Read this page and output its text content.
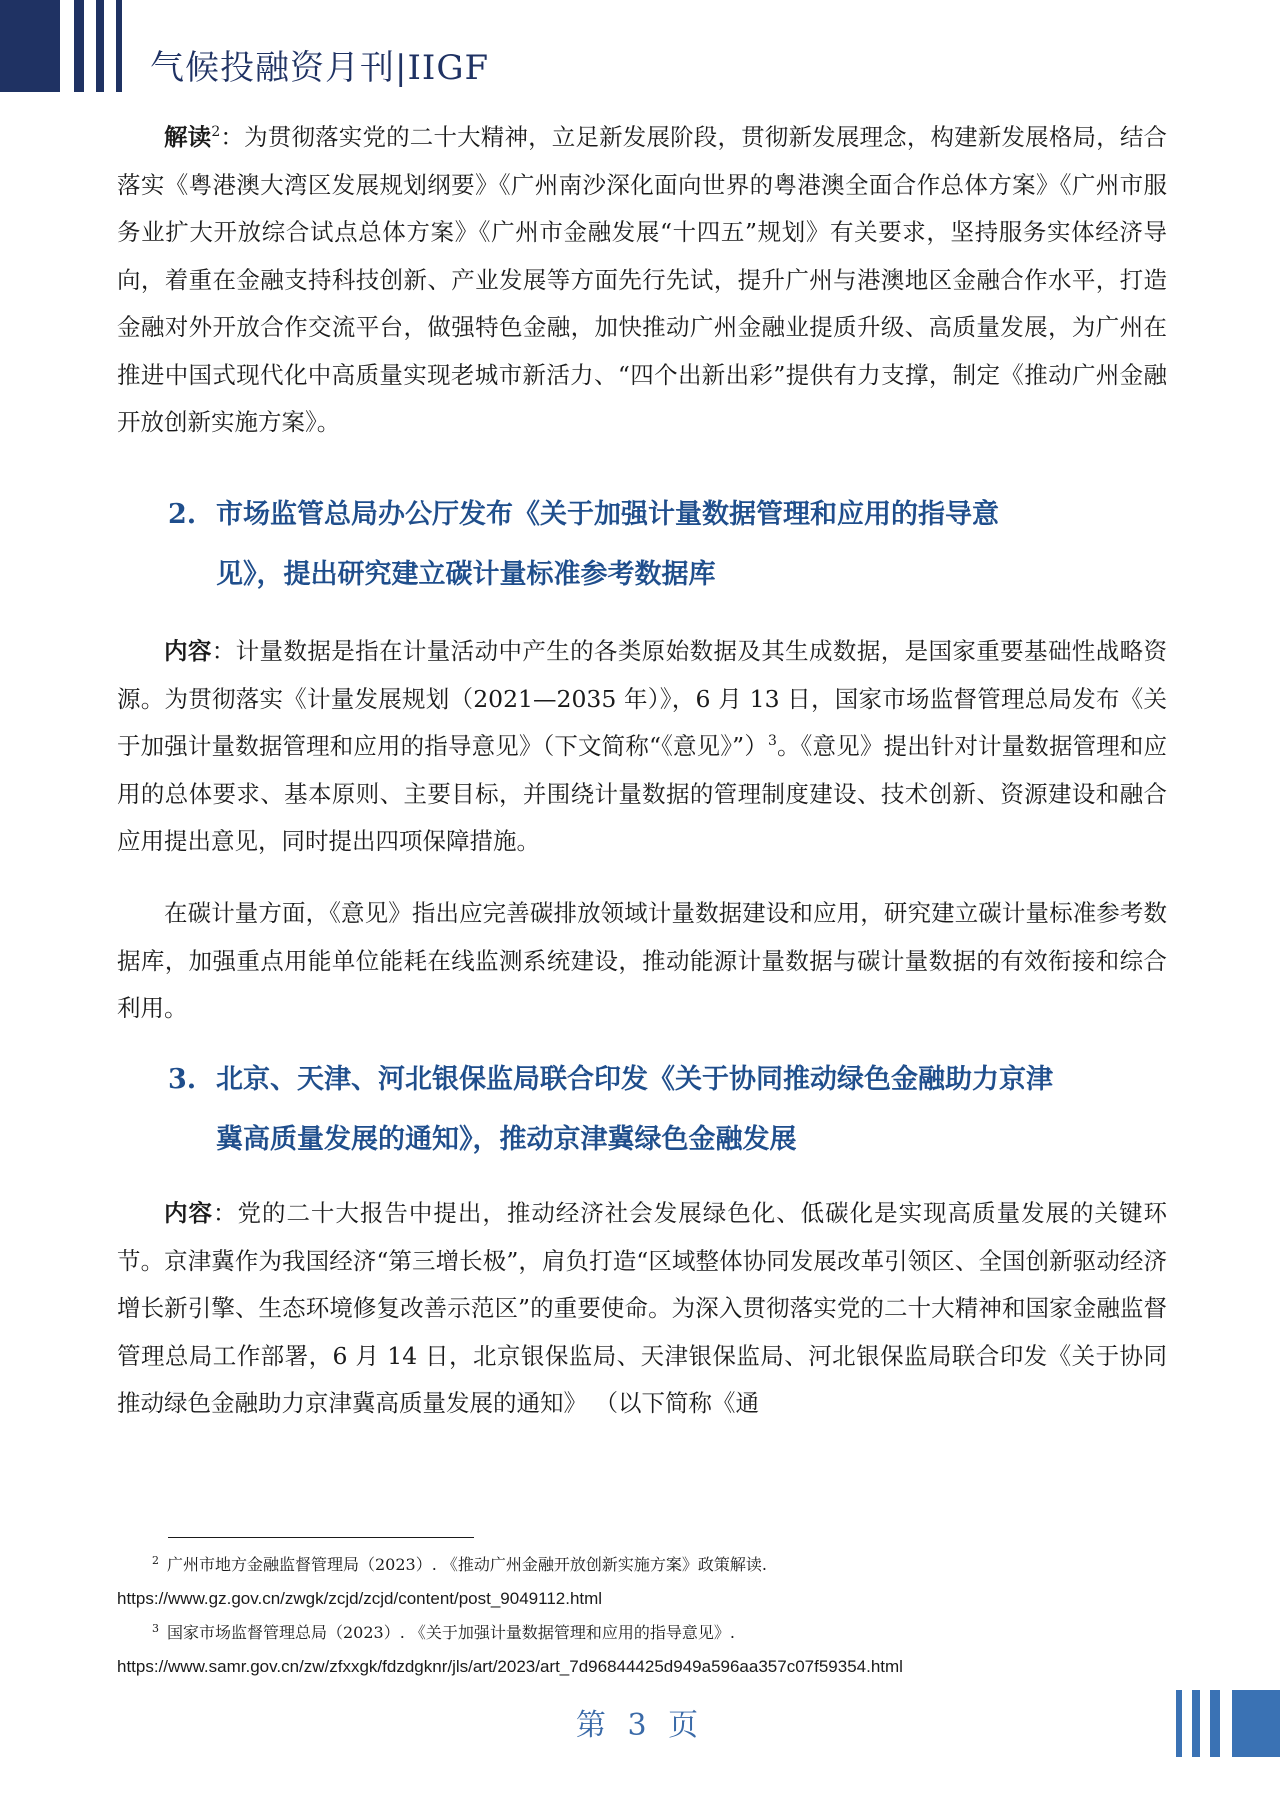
气候投融资月刊|IIGF

解读$^2$：为贯彻落实党的二十大精神，立足新发展阶段，贯彻新发展理念，构建新发展格局，结合落实《粤港澳大湾区发展规划纲要》《广州南沙深化面向世界的粤港澳全面合作总体方案》《广州市服务业扩大开放综合试点总体方案》《广州市金融发展“十四五”规划》有关要求，坚持服务实体经济导向，着重在金融支持科技创新、产业发展等方面先行先试，提升广州与港澳地区金融合作水平，打造金融对外开放合作交流平台，做强特色金融，加快推动广州金融业提质升级、高质量发展，为广州在推进中国式现代化中高质量实现老城市新活力、“四个出新出彩”提供有力支撑，制定《推动广州金融开放创新实施方案》。

2. 市场监管总局办公厅发布《关于加强计量数据管理和应用的指导意
见》，提出研究建立碳计量标准参考数据库

内容：计量数据是指在计量活动中产生的各类原始数据及其生成数据，是国家重要基础性战略资源。为贯彻落实《计量发展规划（2021—2035 年）》，6 月 13 日，国家市场监督管理总局发布《关于加强计量数据管理和应用的指导意见》（下文简称“《意见》”）$^3$。《意见》提出针对计量数据管理和应用的总体要求、基本原则、主要目标，并围绕计量数据的管理制度建设、技术创新、资源建设和融合应用提出意见，同时提出四项保障措施。

在碳计量方面，《意见》指出应完善碳排放领域计量数据建设和应用，研究建立碳计量标准参考数据库，加强重点用能单位能耗在线监测系统建设，推动能源计量数据与碳计量数据的有效衔接和综合利用。

3. 北京、天津、河北银保监局联合印发《关于协同推动绿色金融助力京津
冀高质量发展的通知》，推动京津冀绿色金融发展

内容：党的二十大报告中提出，推动经济社会发展绿色化、低碳化是实现高质量发展的关键环节。京津冀作为我国经济“第三增长极”，肩负打造“区域整体协同发展改革引领区、全国创新驱动经济增长新引擎、生态环境修复改善示范区”的重要使命。为深入贯彻落实党的二十大精神和国家金融监督管理总局工作部署，6 月 14 日，北京银保监局、天津银保监局、河北银保监局联合印发《关于协同推动绿色金融助力京津冀高质量发展的通知》 （以下简称《通

$^2$ 广州市地方金融监督管理局（2023）. 《推动广州金融开放创新实施方案》政策解读.
https://www.gz.gov.cn/zwgk/zcjd/zcjd/content/post_9049112.html

$^3$ 国家市场监督管理总局（2023）. 《关于加强计量数据管理和应用的指导意见》.
https://www.samr.gov.cn/zw/zfxxgk/fdzdgknr/jls/art/2023/art_7d96844425d949a596aa357c07f59354.html

第 3 页
